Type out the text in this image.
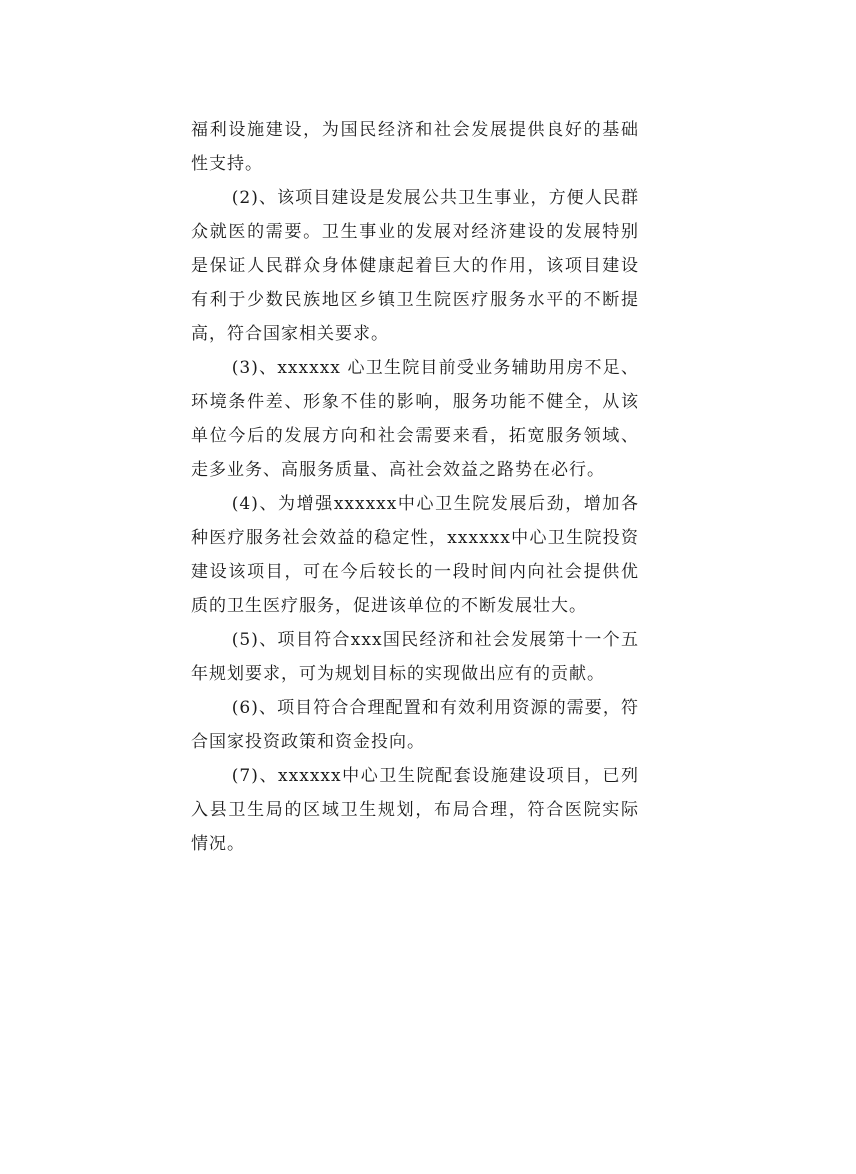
福利设施建设，为国民经济和社会发展提供良好的基础性支持。

(2)、该项目建设是发展公共卫生事业，方便人民群众就医的需要。卫生事业的发展对经济建设的发展特别是保证人民群众身体健康起着巨大的作用，该项目建设有利于少数民族地区乡镇卫生院医疗服务水平的不断提高，符合国家相关要求。

(3)、xxxxxx 心卫生院目前受业务辅助用房不足、环境条件差、形象不佳的影响，服务功能不健全，从该单位今后的发展方向和社会需要来看，拓宽服务领域、走多业务、高服务质量、高社会效益之路势在必行。

(4)、为增强xxxxxx中心卫生院发展后劲，增加各种医疗服务社会效益的稳定性，xxxxxx中心卫生院投资建设该项目，可在今后较长的一段时间内向社会提供优质的卫生医疗服务，促进该单位的不断发展壮大。

(5)、项目符合xxx国民经济和社会发展第十一个五年规划要求，可为规划目标的实现做出应有的贡献。

(6)、项目符合合理配置和有效利用资源的需要，符合国家投资政策和资金投向。

(7)、xxxxxx中心卫生院配套设施建设项目，已列入县卫生局的区域卫生规划，布局合理，符合医院实际情况。
